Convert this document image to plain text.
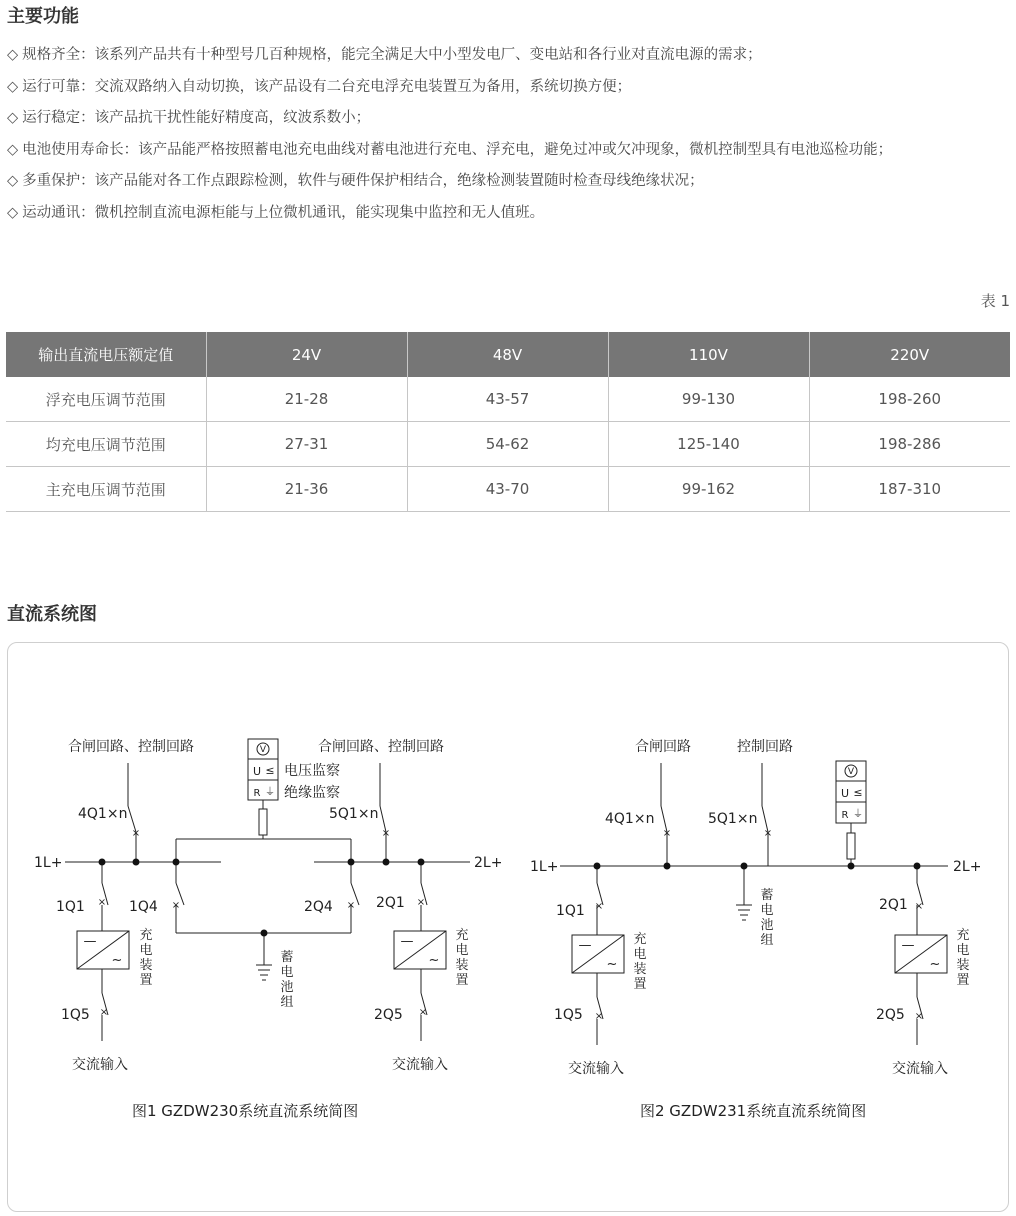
主要功能
◇ 规格齐全：该系列产品共有十种型号几百种规格，能完全满足大中小型发电厂、变电站和各行业对直流电源的需求；
◇ 运行可靠：交流双路纳入自动切换，该产品设有二台充电浮充电装置互为备用，系统切换方便；
◇ 运行稳定：该产品抗干扰性能好精度高，纹波系数小；
◇ 电池使用寿命长：该产品能严格按照蓄电池充电曲线对蓄电池进行充电、浮充电，避免过冲或欠冲现象，微机控制型具有电池巡检功能；
◇ 多重保护：该产品能对各工作点跟踪检测，软件与硬件保护相结合，绝缘检测装置随时检查母线绝缘状况；
◇ 运动通讯：微机控制直流电源柜能与上位微机通讯，能实现集中监控和无人值班。
表 1
输出直流电压额定值	24V	48V	110V	220V
浮充电压调节范围	21-28	43-57	99-130	198-260
均充电压调节范围	27-31	54-62	125-140	198-286
主充电压调节范围	21-36	43-70	99-162	187-310
直流系统图
×	×
×	×	×	×
×	×
×	×
×	×
×	×
合闸回路、控制回路	合闸回路、控制回路
电压监察
绝缘监察
4Q1×n	5Q1×n
1L+	2L+
1Q1	1Q4	2Q4	2Q1
1Q5	2Q5
交流输入	交流输入
图1 GZDW230系统直流系统简图
充
电
装
置
充
电
装
置
蓄
电
池
组
V
U ≤
R ⏚
—
~
—
~
合闸回路	控制回路
4Q1×n	5Q1×n
1L+	2L+
1Q1	2Q1
1Q5	2Q5
交流输入	交流输入
图2 GZDW231系统直流系统简图
充
电
装
置
充
电
装
置
蓄
电
池
组
V
U ≤
R ⏚
—
~
—
~
